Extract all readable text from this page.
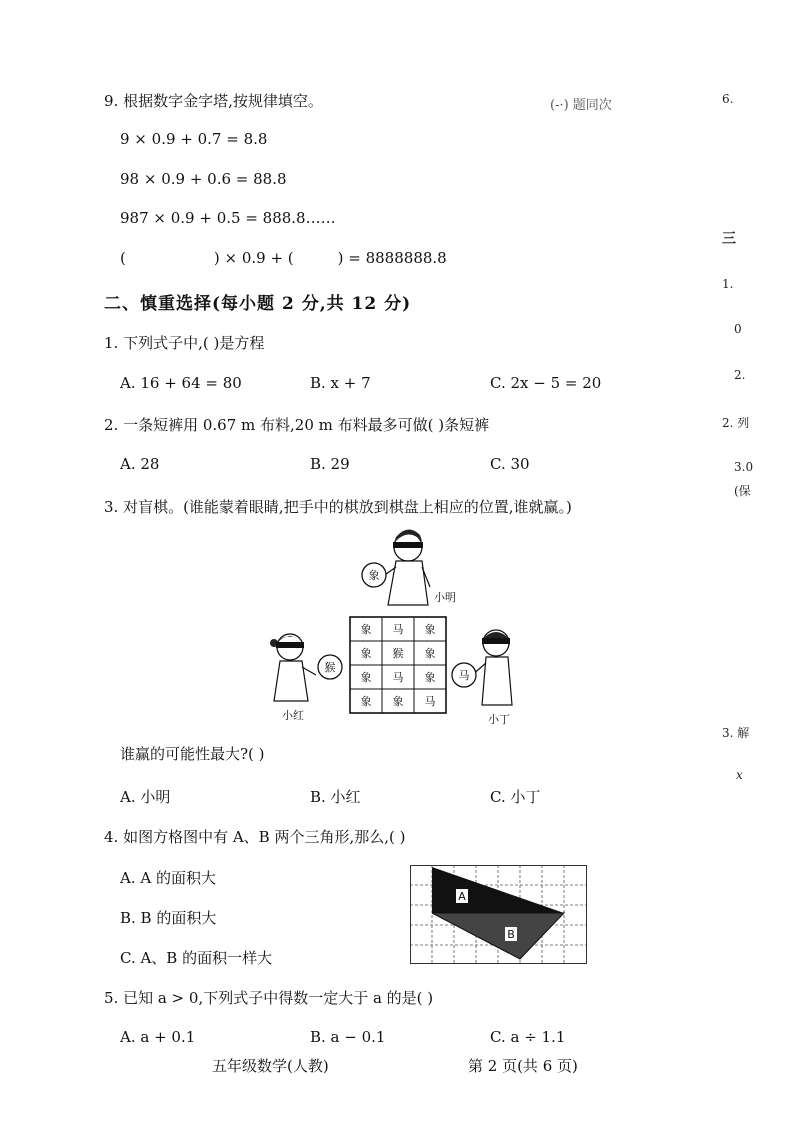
9. 根据数字金字塔,按规律填空。
9 × 0.9 + 0.7 = 8.8
98 × 0.9 + 0.6 = 88.8
987 × 0.9 + 0.5 = 888.8……
(	) × 0.9 + (	) = 8888888.8
(-·) 题同次
二、慎重选择(每小题 2 分,共 12 分)
1. 下列式子中,( )是方程
A. 16 + 64 = 80	B. x + 7	C. 2x − 5 = 20
2. 一条短裤用 0.67 m 布料,20 m 布料最多可做( )条短裤
A. 28	B. 29	C. 30
3. 对盲棋。(谁能蒙着眼睛,把手中的棋放到棋盘上相应的位置,谁就赢。)
象 马 象
象 猴 象
象 马 象
象 象 马
象
小明
猴
小红
马
小丁
谁赢的可能性最大?( )
A. 小明	B. 小红	C. 小丁
4. 如图方格图中有 A、B 两个三角形,那么,( )
A. A 的面积大
B. B 的面积大
C. A、B 的面积一样大
A
B
5. 已知 a > 0,下列式子中得数一定大于 a 的是( )
A. a + 0.1	B. a − 0.1	C. a ÷ 1.1
五年级数学(人教)	第 2 页(共 6 页)
6.
三
1.
0
2.
2. 列
3.0
(保
3. 解
x
